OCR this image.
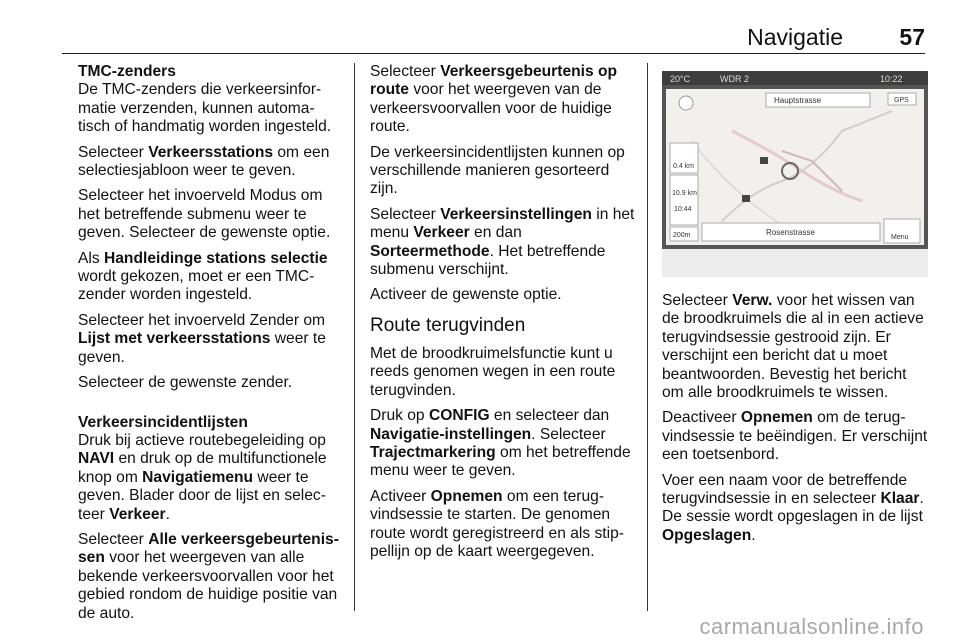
Navigatie 57
TMC-zenders

De TMC-zenders die verkeersinfor- matie verzenden, kunnen automa- tisch of handmatig worden ingesteld.

Selecteer Verkeersstations om een selectiesjabloon weer te geven.

Selecteer het invoerveld Modus om het betreffende submenu weer te geven. Selecteer de gewenste optie.

Als Handleidinge stations selectie wordt gekozen, moet er een TMC- zender worden ingesteld.

Selecteer het invoerveld Zender om Lijst met verkeersstations weer te geven.

Selecteer de gewenste zender.

Verkeersincidentlijsten

Druk bij actieve routebegeleiding op NAVI en druk op de multifunctionele knop om Navigatiemenu weer te geven. Blader door de lijst en selec- teer Verkeer.

Selecteer Alle verkeersgebeurtenis- sen voor het weergeven van alle bekende verkeersvoorvallen voor het gebied rondom de huidige positie van de auto.

Selecteer Verkeersgebeurtenis op route voor het weergeven van de verkeersvoorvallen voor de huidige route.

De verkeersincidentlijsten kunnen op verschillende manieren gesorteerd zijn.

Selecteer Verkeersinstellingen in het menu Verkeer en dan Sorteermethode. Het betreffende submenu verschijnt.

Activeer de gewenste optie.

Route terugvinden

Met de broodkruimelsfunctie kunt u reeds genomen wegen in een route terugvinden.

Druk op CONFIG en selecteer dan Navigatie-instellingen. Selecteer Trajectmarkering om het betreffende menu weer te geven.

Activeer Opnemen om een terug- vindsessie te starten. De genomen route wordt geregistreerd en als stip- pellijn op de kaart weergegeven.

20°C	WDR 2	10:22
Hauptstrasse	GPS
0.4 km
10.9 km
10:44
200m	Rosenstrasse
Menu

Selecteer Verw. voor het wissen van de broodkruimels die al in een actieve terugvindsessie gestrooid zijn. Er verschijnt een bericht dat u moet beantwoorden. Bevestig het bericht om alle broodkruimels te wissen.

Deactiveer Opnemen om de terug- vindsessie te beëindigen. Er verschijnt een toetsenbord.

Voer een naam voor de betreffende terugvindsessie in en selecteer Klaar. De sessie wordt opgeslagen in de lijst Opgeslagen.

carmanualsonline.info
